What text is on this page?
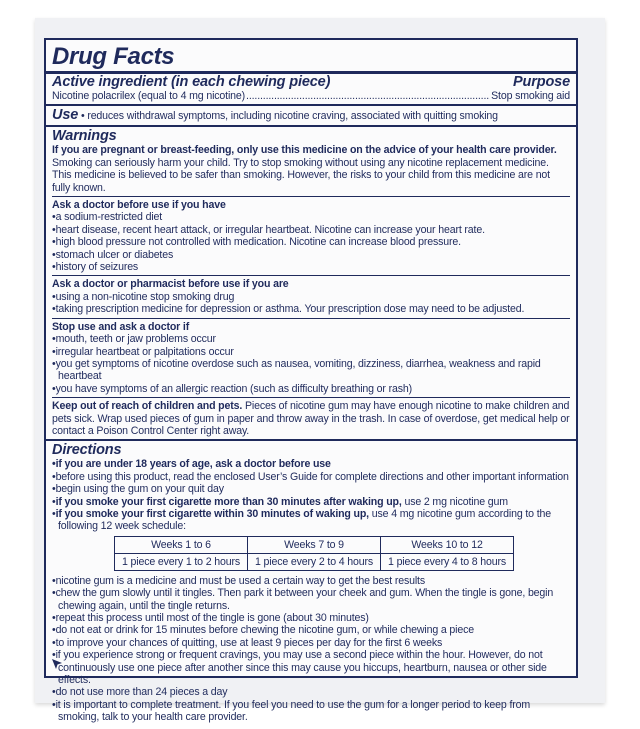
Drug Facts
Active ingredient (in each chewing piece)	Purpose
Nicotine polacrilex (equal to 4 mg nicotine) .....	Stop smoking aid
Use • reduces withdrawal symptoms, including nicotine craving, associated with quitting smoking
Warnings
If you are pregnant or breast-feeding, only use this medicine on the advice of your health care provider.
Smoking can seriously harm your child. Try to stop smoking without using any nicotine replacement medicine. This medicine is believed to be safer than smoking. However, the risks to your child from this medicine are not fully known.
Ask a doctor before use if you have
• a sodium-restricted diet
• heart disease, recent heart attack, or irregular heartbeat. Nicotine can increase your heart rate.
• high blood pressure not controlled with medication. Nicotine can increase blood pressure.
• stomach ulcer or diabetes
• history of seizures
Ask a doctor or pharmacist before use if you are
• using a non-nicotine stop smoking drug
• taking prescription medicine for depression or asthma. Your prescription dose may need to be adjusted.
Stop use and ask a doctor if
• mouth, teeth or jaw problems occur
• irregular heartbeat or palpitations occur
• you get symptoms of nicotine overdose such as nausea, vomiting, dizziness, diarrhea, weakness and rapid heartbeat
• you have symptoms of an allergic reaction (such as difficulty breathing or rash)
Keep out of reach of children and pets. Pieces of nicotine gum may have enough nicotine to make children and pets sick. Wrap used pieces of gum in paper and throw away in the trash. In case of overdose, get medical help or contact a Poison Control Center right away.
Directions
• if you are under 18 years of age, ask a doctor before use
• before using this product, read the enclosed User’s Guide for complete directions and other important information
• begin using the gum on your quit day
• if you smoke your first cigarette more than 30 minutes after waking up, use 2 mg nicotine gum
• if you smoke your first cigarette within 30 minutes of waking up, use 4 mg nicotine gum according to the following 12 week schedule:
Weeks 1 to 6	Weeks 7 to 9	Weeks 10 to 12
1 piece every 1 to 2 hours	1 piece every 2 to 4 hours	1 piece every 4 to 8 hours
• nicotine gum is a medicine and must be used a certain way to get the best results
• chew the gum slowly until it tingles. Then park it between your cheek and gum. When the tingle is gone, begin chewing again, until the tingle returns.
• repeat this process until most of the tingle is gone (about 30 minutes)
• do not eat or drink for 15 minutes before chewing the nicotine gum, or while chewing a piece
• to improve your chances of quitting, use at least 9 pieces per day for the first 6 weeks
• if you experience strong or frequent cravings, you may use a second piece within the hour. However, do not continuously use one piece after another since this may cause you hiccups, heartburn, nausea or other side effects.
• do not use more than 24 pieces a day
• it is important to complete treatment. If you feel you need to use the gum for a longer period to keep from smoking, talk to your health care provider.
